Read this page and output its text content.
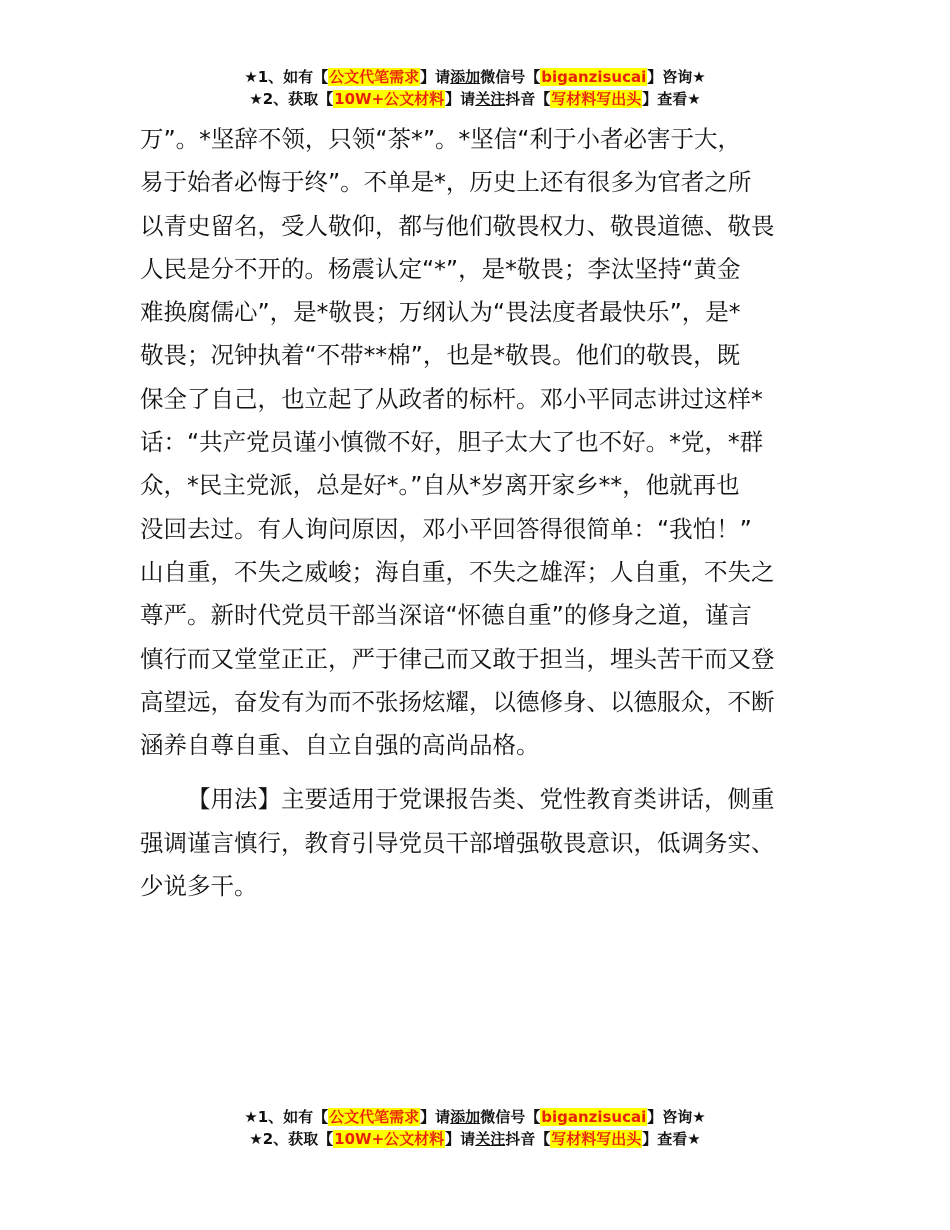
★1、如有【公文代笔需求】请添加微信号【biganzisucai】咨询★
★2、获取【10W+公文材料】请关注抖音【写材料写出头】查看★
万”。*坚辞不领，只领“茶*”。*坚信“利于小者必害于大，
易于始者必悔于终”。不单是*，历史上还有很多为官者之所
以青史留名，受人敬仰，都与他们敬畏权力、敬畏道德、敬畏
人民是分不开的。杨震认定“*”，是*敬畏；李汰坚持“黄金
难换腐儒心”，是*敬畏；万纲认为“畏法度者最快乐”，是*
敬畏；况钟执着“不带**棉”，也是*敬畏。他们的敬畏，既
保全了自己，也立起了从政者的标杆。邓小平同志讲过这样*
话：“共产党员谨小慎微不好，胆子太大了也不好。*党，*群
众，*民主党派，总是好*。”自从*岁离开家乡**，他就再也
没回去过。有人询问原因，邓小平回答得很简单：“我怕！”
山自重，不失之威峻；海自重，不失之雄浑；人自重，不失之
尊严。新时代党员干部当深谙“怀德自重”的修身之道，谨言
慎行而又堂堂正正，严于律己而又敢于担当，埋头苦干而又登
高望远，奋发有为而不张扬炫耀，以德修身、以德服众，不断
涵养自尊自重、自立自强的高尚品格。
【用法】主要适用于党课报告类、党性教育类讲话，侧重
强调谨言慎行，教育引导党员干部增强敬畏意识，低调务实、
少说多干。
★1、如有【公文代笔需求】请添加微信号【biganzisucai】咨询★
★2、获取【10W+公文材料】请关注抖音【写材料写出头】查看★
